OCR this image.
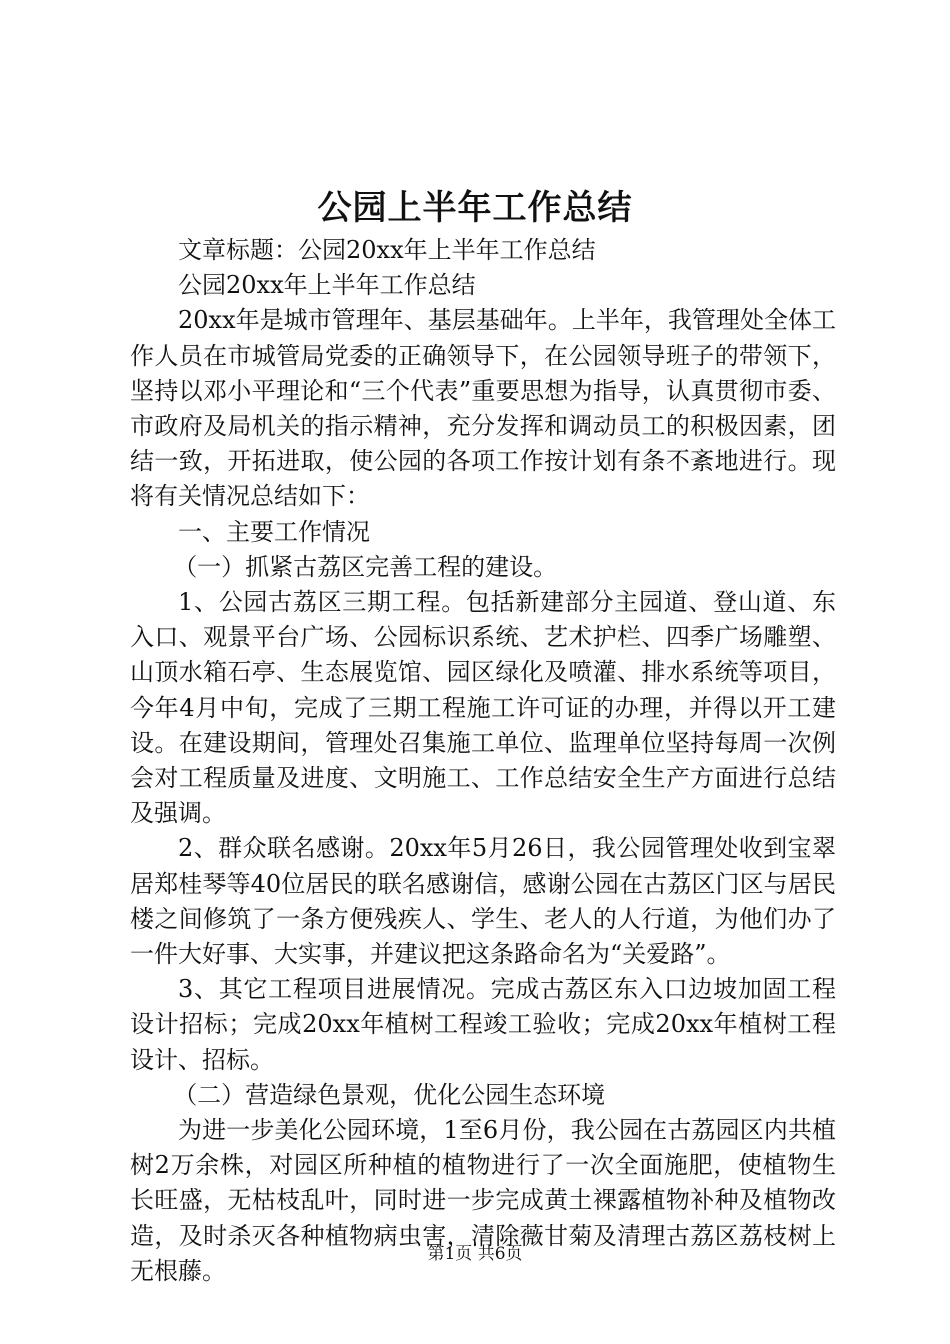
公园上半年工作总结

文章标题：公园20xx年上半年工作总结

公园20xx年上半年工作总结

20xx年是城市管理年、基层基础年。上半年，我管理处全体工作人员在市城管局党委的正确领导下，在公园领导班子的带领下，坚持以邓小平理论和“三个代表”重要思想为指导，认真贯彻市委、市政府及局机关的指示精神，充分发挥和调动员工的积极因素，团结一致，开拓进取，使公园的各项工作按计划有条不紊地进行。现将有关情况总结如下：

一、主要工作情况

（一）抓紧古荔区完善工程的建设。

1、公园古荔区三期工程。包括新建部分主园道、登山道、东入口、观景平台广场、公园标识系统、艺术护栏、四季广场雕塑、山顶水箱石亭、生态展览馆、园区绿化及喷灌、排水系统等项目，今年4月中旬，完成了三期工程施工许可证的办理，并得以开工建设。在建设期间，管理处召集施工单位、监理单位坚持每周一次例会对工程质量及进度、文明施工、工作总结安全生产方面进行总结及强调。

2、群众联名感谢。20xx年5月26日，我公园管理处收到宝翠居郑桂琴等40位居民的联名感谢信，感谢公园在古荔区门区与居民楼之间修筑了一条方便残疾人、学生、老人的人行道，为他们办了一件大好事、大实事，并建议把这条路命名为“关爱路”。

3、其它工程项目进展情况。完成古荔区东入口边坡加固工程设计招标；完成20xx年植树工程竣工验收；完成20xx年植树工程设计、招标。

（二）营造绿色景观，优化公园生态环境

为进一步美化公园环境，1至6月份，我公园在古荔园区内共植树2万余株，对园区所种植的植物进行了一次全面施肥，使植物生长旺盛，无枯枝乱叶，同时进一步完成黄土裸露植物补种及植物改造，及时杀灭各种植物病虫害，清除薇甘菊及清理古荔区荔枝树上无根藤。

第1页 共6页
